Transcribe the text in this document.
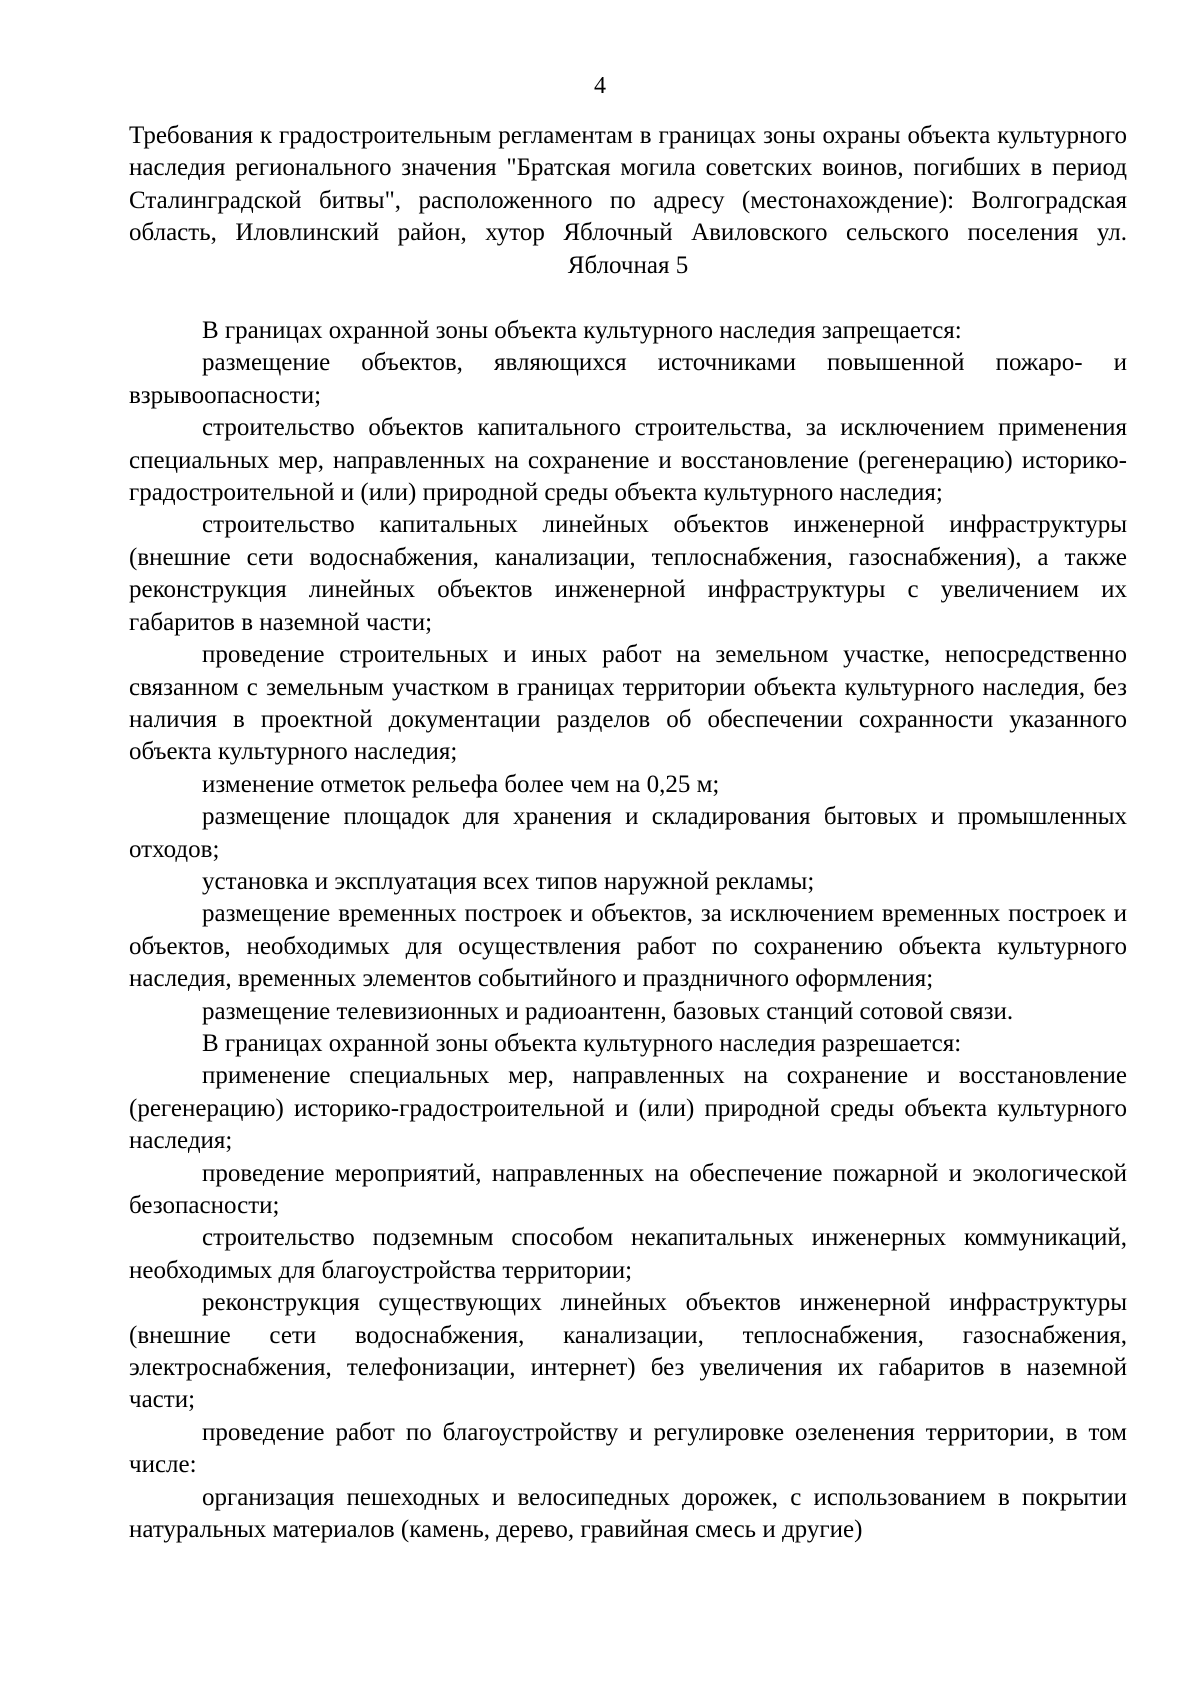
4

Требования к градостроительным регламентам в границах зоны охраны объекта культурного наследия регионального значения "Братская могила советских воинов, погибших в период Сталинградской битвы", расположенного по адресу (местонахождение): Волгоградская область, Иловлинский район, хутор Яблочный Авиловского сельского поселения ул. Яблочная 5

В границах охранной зоны объекта культурного наследия запрещается:

размещение объектов, являющихся источниками повышенной пожаро- и взрывоопасности;

строительство объектов капитального строительства, за исключением применения специальных мер, направленных на сохранение и восстановление (регенерацию) историко-градостроительной и (или) природной среды объекта культурного наследия;

строительство капитальных линейных объектов инженерной инфраструктуры (внешние сети водоснабжения, канализации, теплоснабжения, газоснабжения), а также реконструкция линейных объектов инженерной инфраструктуры с увеличением их габаритов в наземной части;

проведение строительных и иных работ на земельном участке, непосредственно связанном с земельным участком в границах территории объекта культурного наследия, без наличия в проектной документации разделов об обеспечении сохранности указанного объекта культурного наследия;

изменение отметок рельефа более чем на 0,25 м;

размещение площадок для хранения и складирования бытовых и промышленных отходов;

установка и эксплуатация всех типов наружной рекламы;

размещение временных построек и объектов, за исключением временных построек и объектов, необходимых для осуществления работ по сохранению объекта культурного наследия, временных элементов событийного и праздничного оформления;

размещение телевизионных и радиоантенн, базовых станций сотовой связи.

В границах охранной зоны объекта культурного наследия разрешается:

применение специальных мер, направленных на сохранение и восстановление (регенерацию) историко-градостроительной и (или) природной среды объекта культурного наследия;

проведение мероприятий, направленных на обеспечение пожарной и экологической безопасности;

строительство подземным способом некапитальных инженерных коммуникаций, необходимых для благоустройства территории;

реконструкция существующих линейных объектов инженерной инфраструктуры (внешние сети водоснабжения, канализации, теплоснабжения, газоснабжения, электроснабжения, телефонизации, интернет) без увеличения их габаритов в наземной части;

проведение работ по благоустройству и регулировке озеленения территории, в том числе:

организация пешеходных и велосипедных дорожек, с использованием в покрытии натуральных материалов (камень, дерево, гравийная смесь и другие)
